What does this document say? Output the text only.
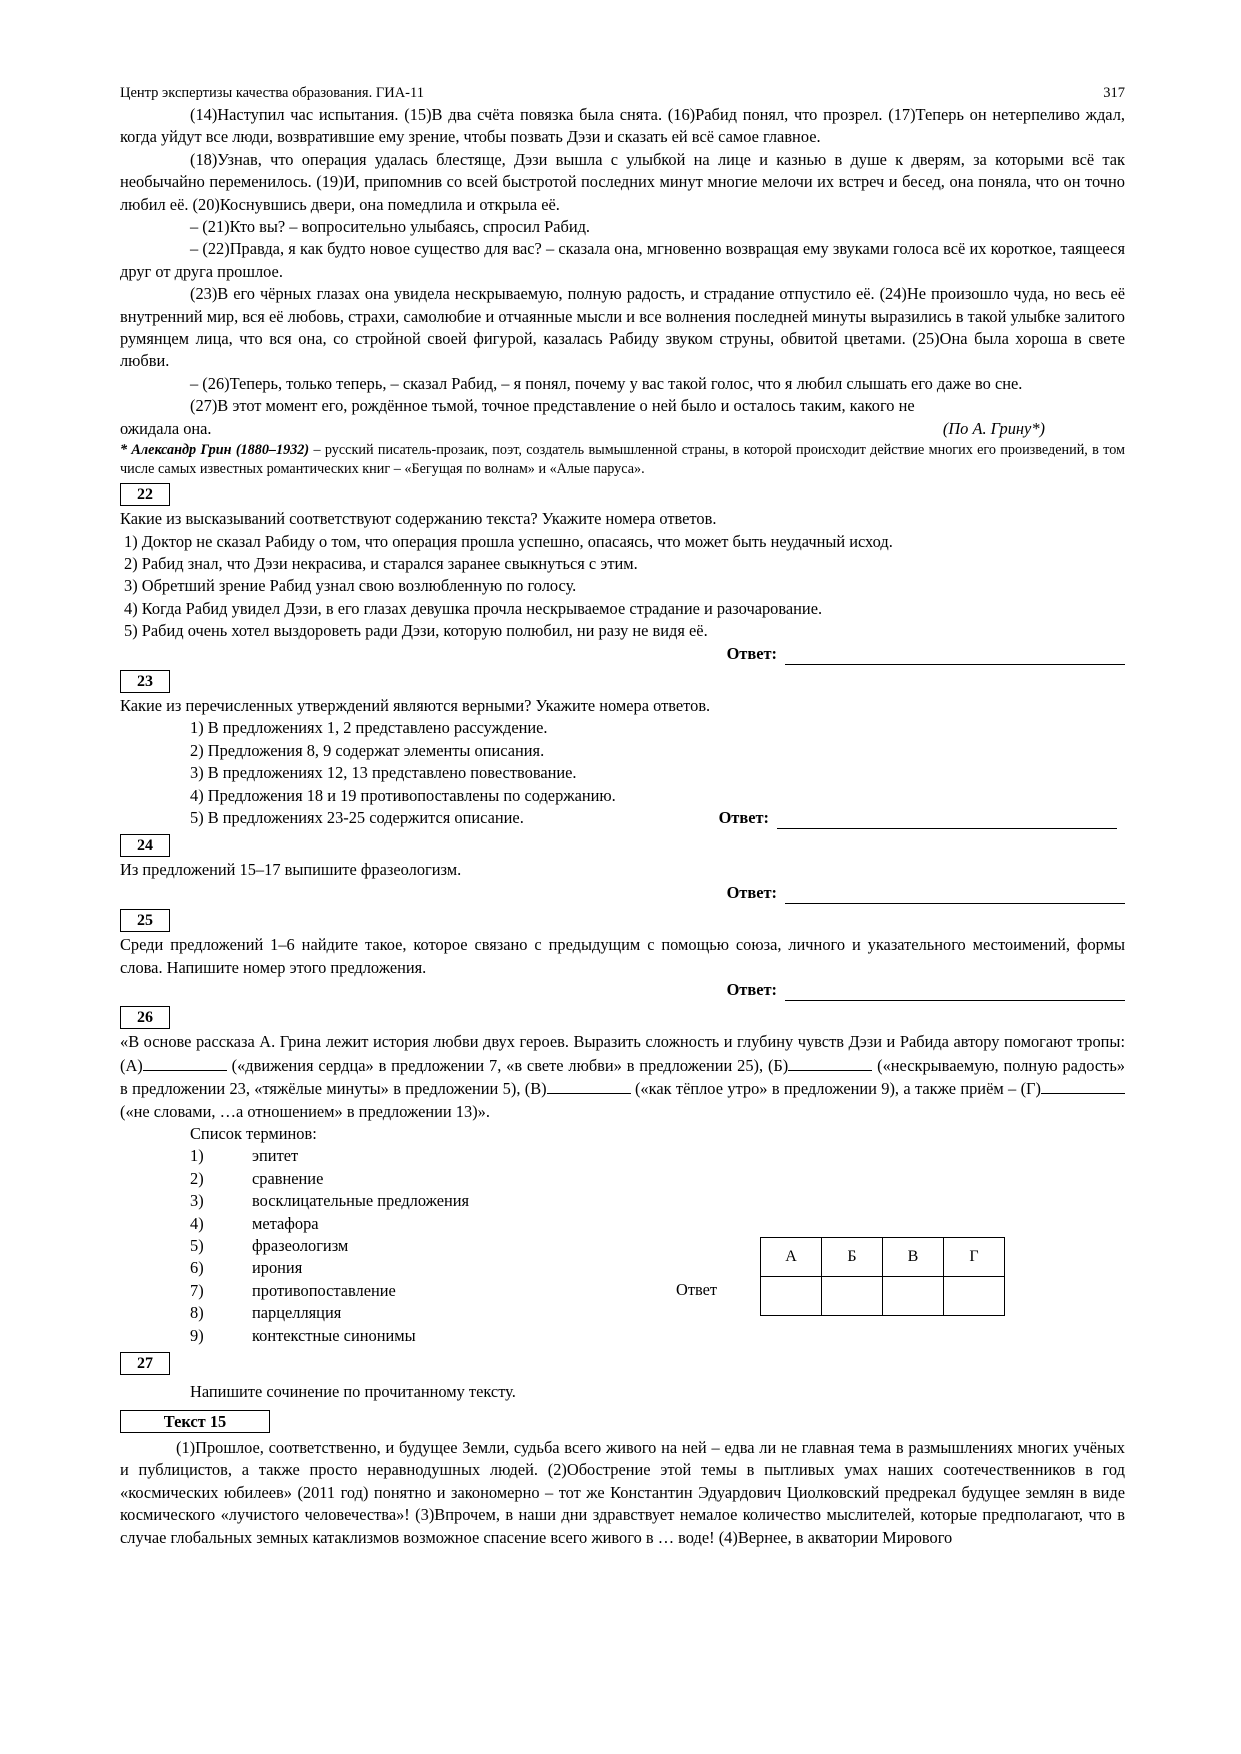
Центр экспертизы качества образования. ГИА-11	317

(14)Наступил час испытания. (15)В два счёта повязка была снята. (16)Рабид понял, что прозрел. (17)Теперь он нетерпеливо ждал, когда уйдут все люди, возвратившие ему зрение, чтобы позвать Дэзи и сказать ей всё самое главное.

(18)Узнав, что операция удалась блестяще, Дэзи вышла с улыбкой на лице и казнью в душе к дверям, за которыми всё так необычайно переменилось. (19)И, припомнив со всей быстротой последних минут многие мелочи их встреч и бесед, она поняла, что он точно любил её. (20)Коснувшись двери, она помедлила и открыла её.

– (21)Кто вы? – вопросительно улыбаясь, спросил Рабид.

– (22)Правда, я как будто новое существо для вас? – сказала она, мгновенно возвращая ему звуками голоса всё их короткое, таящееся друг от друга прошлое.

(23)В его чёрных глазах она увидела нескрываемую, полную радость, и страдание отпустило её. (24)Не произошло чуда, но весь её внутренний мир, вся её любовь, страхи, самолюбие и отчаянные мысли и все волнения последней минуты выразились в такой улыбке залитого румянцем лица, что вся она, со стройной своей фигурой, казалась Рабиду звуком струны, обвитой цветами. (25)Она была хороша в свете любви.

– (26)Теперь, только теперь, – сказал Рабид, – я понял, почему у вас такой голос, что я любил слышать его даже во сне.

(27)В этот момент его, рождённое тьмой, точное представление о ней было и осталось таким, какого не

ожидала она.	(По А. Грину*)

* Александр Грин (1880–1932) – русский писатель-прозаик, поэт, создатель вымышленной страны, в которой происходит действие многих его произведений, в том числе самых известных романтических книг – «Бегущая по волнам» и «Алые паруса».

22

Какие из высказываний соответствуют содержанию текста? Укажите номера ответов.

1) Доктор не сказал Рабиду о том, что операция прошла успешно, опасаясь, что может быть неудачный исход.

2) Рабид знал, что Дэзи некрасива, и старался заранее свыкнуться с этим.

3) Обретший зрение Рабид узнал свою возлюбленную по голосу.

4) Когда Рабид увидел Дэзи, в его глазах девушка прочла нескрываемое страдание и разочарование.

5) Рабид очень хотел выздороветь ради Дэзи, которую полюбил, ни разу не видя её.

Ответ:
23

Какие из перечисленных утверждений являются верными? Укажите номера ответов.

1) В предложениях 1, 2 представлено рассуждение.

2) Предложения 8, 9 содержат элементы описания.

3) В предложениях 12, 13 представлено повествование.

4) Предложения 18 и 19 противопоставлены по содержанию.

5) В предложениях 23-25 содержится описание.	Ответ:
24

Из предложений 15–17 выпишите фразеологизм.

Ответ:
25

Среди предложений 1–6 найдите такое, которое связано с предыдущим с помощью союза, личного и указательного местоимений, формы слова. Напишите номер этого предложения.

Ответ:
26

«В основе рассказа А. Грина лежит история любви двух героев. Выразить сложность и глубину чувств Дэзи и Рабида автору помогают тропы: (А)	(«движения сердца» в предложении 7, «в свете любви» в предложении 25), (Б)	(«нескрываемую, полную радость» в предложении 23, «тяжёлые минуты» в предложении 5), (В)	(«как тёплое утро» в предложении 9), а также приём – (Г) («не словами, …а отношением» в предложении 13)».

Список терминов:

1)	эпитет
2)	сравнение
3)	восклицательные предложения
4)	метафора
5)	фразеологизм
6)	ирония
7)	противопоставление
8)	парцелляция
9)	контекстные синонимы
Ответ
А	Б	В	Г

27

Напишите сочинение по прочитанному тексту.

Текст 15

(1)Прошлое, соответственно, и будущее Земли, судьба всего живого на ней – едва ли не главная тема в размышлениях многих учёных и публицистов, а также просто неравнодушных людей. (2)Обострение этой темы в пытливых умах наших соотечественников в год «космических юбилеев» (2011 год) понятно и закономерно – тот же Константин Эдуардович Циолковский предрекал будущее землян в виде космического «лучистого человечества»! (3)Впрочем, в наши дни здравствует немалое количество мыслителей, которые предполагают, что в случае глобальных земных катаклизмов возможное спасение всего живого в … воде! (4)Вернее, в акватории Мирового
